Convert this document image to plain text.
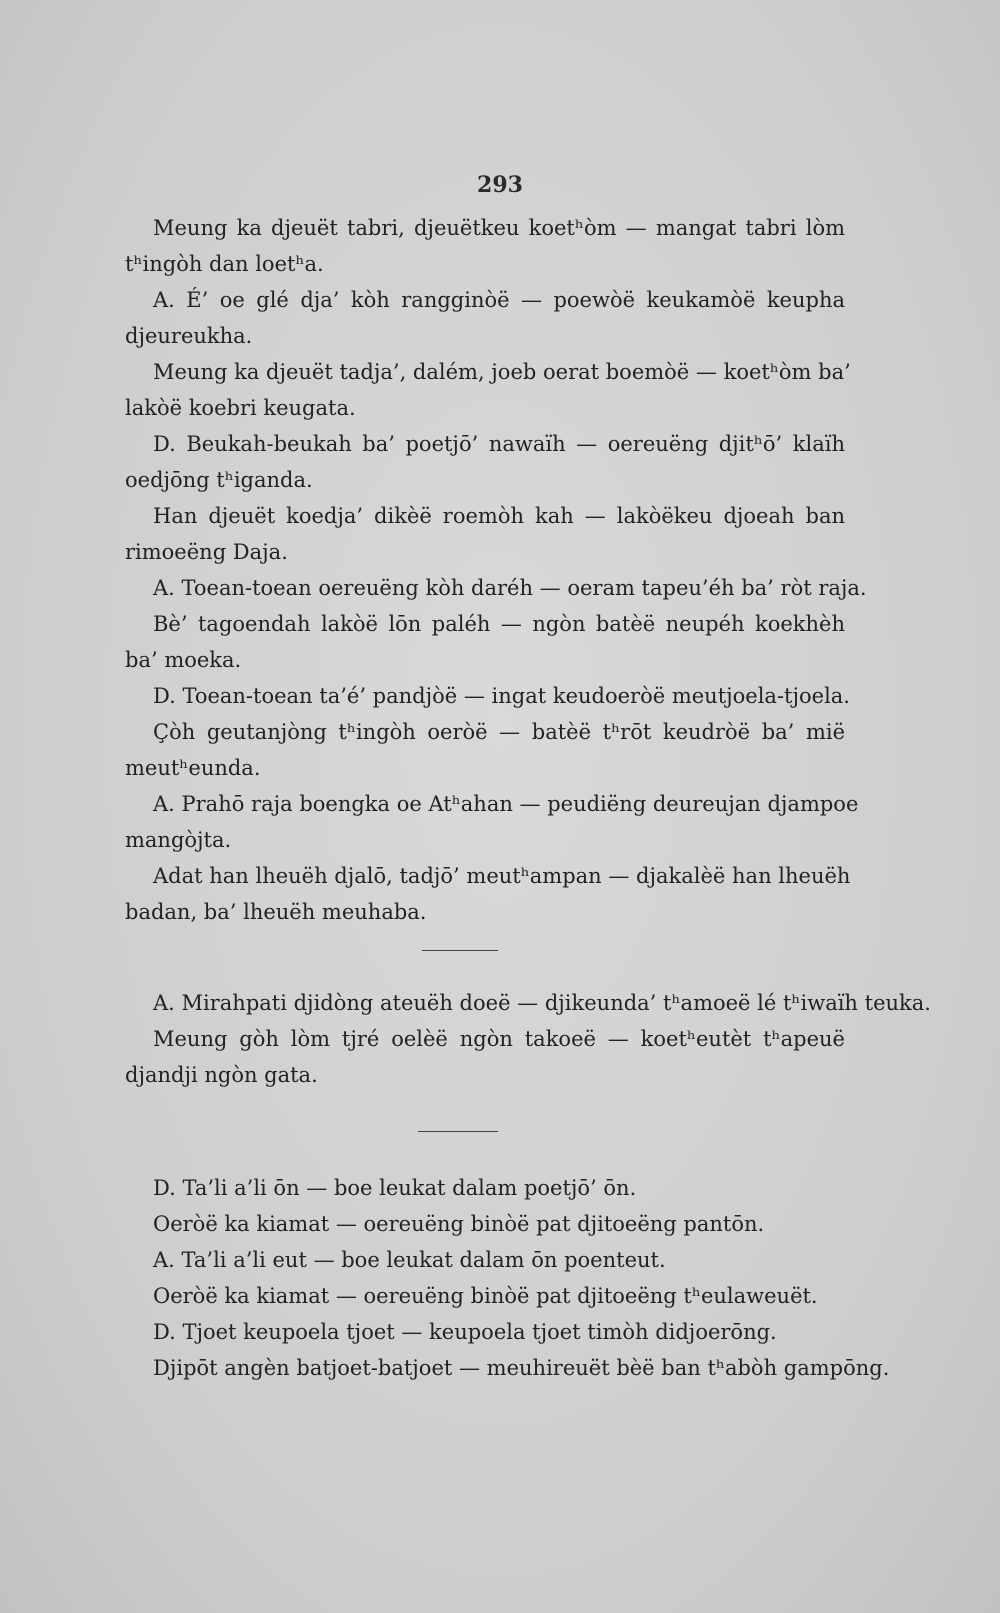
293
Meung ka djeuët tabri, djeuëtkeu koetʰòm — mangat tabri lòm
tʰingòh dan loetʰa.
A. É’ oe glé dja’ kòh rangginòë — poewòë keukamòë keupha
djeureukha.
Meung ka djeuët tadja’, dalém, joeb oerat boemòë — koetʰòm ba’
lakòë koebri keugata.
D. Beukah-beukah ba’ poetjō’ nawaïh — oereuëng djitʰō’ klaïh
oedjōng tʰiganda.
Han djeuët koedja’ dikèë roemòh kah — lakòëkeu djoeah ban
rimoeëng Daja.
A. Toean-toean oereuëng kòh daréh — oeram tapeu’éh ba’ ròt raja.
Bè’ tagoendah lakòë lōn paléh — ngòn batèë neupéh koekhèh
ba’ moeka.
D. Toean-toean ta’é’ pandjòë — ingat keudoeròë meutjoela-tjoela.
Çòh geutanjòng tʰingòh oeròë — batèë tʰrōt keudròë ba’ mië
meutʰeunda.
A. Prahō raja boengka oe Atʰahan — peudiëng deureujan djampoe
mangòjta.
Adat han lheuëh djalō, tadjō’ meutʰampan — djakalèë han lheuëh
badan, ba’ lheuëh meuhaba.
A. Mirahpati djidòng ateuëh doeë — djikeunda’ tʰamoeë lé tʰiwaïh teuka.
Meung gòh lòm tjré oelèë ngòn takoeë — koetʰeutèt tʰapeuë
djandji ngòn gata.
D. Ta’li a’li ōn — boe leukat dalam poetjō’ ōn.
Oeròë ka kiamat — oereuëng binòë pat djitoeëng pantōn.
A. Ta’li a’li eut — boe leukat dalam ōn poenteut.
Oeròë ka kiamat — oereuëng binòë pat djitoeëng tʰeulaweuët.
D. Tjoet keupoela tjoet — keupoela tjoet timòh didjoerōng.
Djipōt angèn batjoet-batjoet — meuhireuët bèë ban tʰabòh gampōng.
